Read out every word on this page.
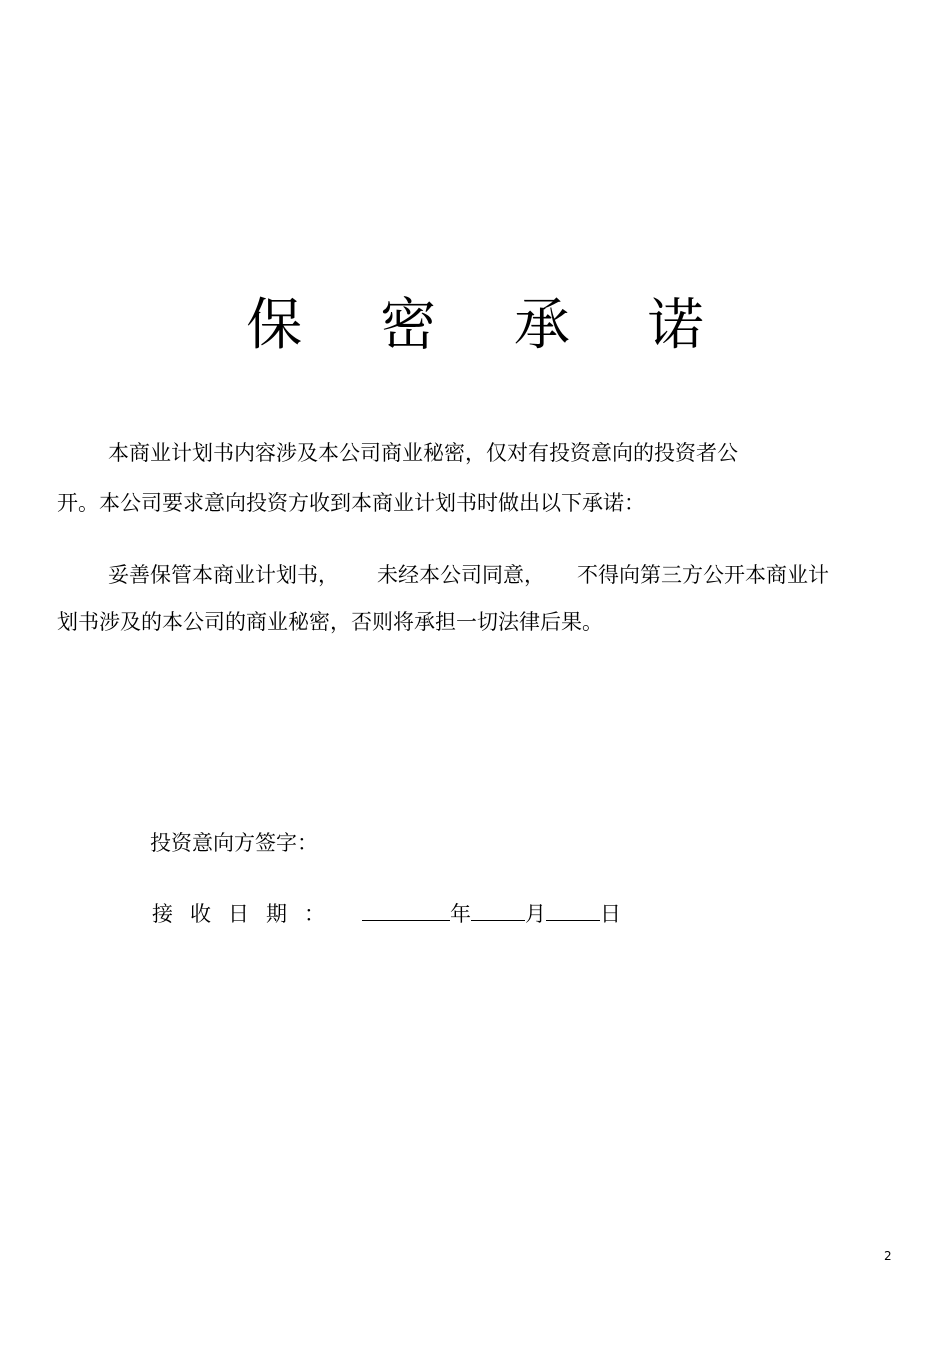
保 密 承 诺
本商业计划书内容涉及本公司商业秘密，仅对有投资意向的投资者公
开。本公司要求意向投资方收到本商业计划书时做出以下承诺：
妥善保管本商业计划书， 未经本公司同意， 不得向第三方公开本商业计
划书涉及的本公司的商业秘密，否则将承担一切法律后果。
投资意向方签字：
接收日期：	年	月	日
2
